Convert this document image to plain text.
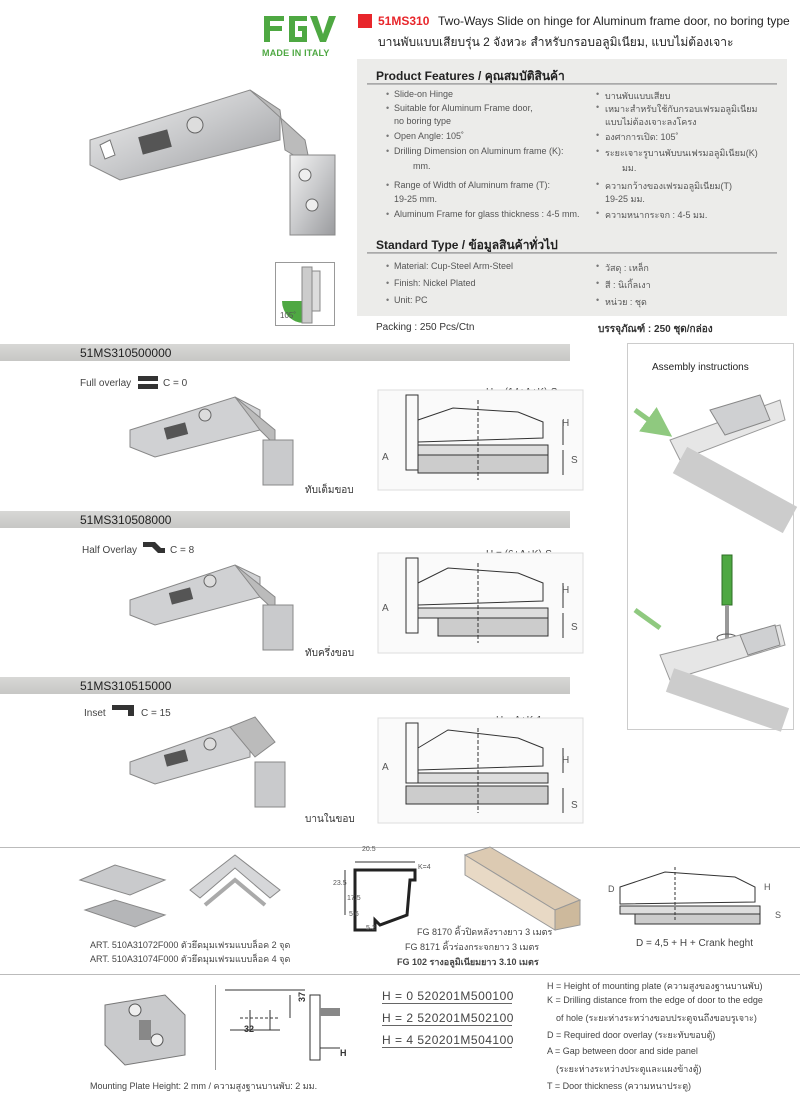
MADE IN ITALY
51MS310 Two-Ways Slide on hinge for Aluminum frame door, no boring type
บานพับแบบเสียบรุ่น 2 จังหวะ สำหรับกรอบอลูมิเนียม, แบบไม่ต้องเจาะ
105˚
Product Features / คุณสมบัติสินค้า
• Slide-on Hinge
• Suitable for Aluminum Frame door,
no boring type
• Open Angle: 105˚
• Drilling Dimension on Aluminum frame (K):
mm.
• Range of Width of Aluminum frame (T):
19-25 mm.
• Aluminum Frame for glass thickness : 4-5 mm.
• บานพับแบบเสียบ
• เหมาะสำหรับใช้กับกรอบเฟรมอลูมิเนียม
แบบไม่ต้องเจาะลงโครง
• องศาการเปิด: 105˚
• ระยะเจาะรูบานพับบนเฟรมอลูมิเนียม(K)
มม.
• ความกว้างของเฟรมอลูมิเนียม(T)
19-25 มม.
• ความหนากระจก : 4-5 มม.
Standard Type / ข้อมูลสินค้าทั่วไป
• Material: Cup-Steel Arm-Steel
• Finish: Nickel Plated
• Unit: PC
• วัสดุ : เหล็ก
• สี : นิเกิ้ลเงา
• หน่วย : ชุด
Packing : 250 Pcs/Ctn	บรรจุภัณฑ์ : 250 ชุด/กล่อง
51MS310500000
Full overlay	C = 0
ทับเต็มขอบ
H
A	S
51MS310508000
Half Overlay	C = 8
ทับครึ่งขอบ
H
A
S
51MS310515000
Inset	C = 15
บานในขอบ
H
A
S
Assembly instructions
ART. 510A31072F000 ตัวยึดมุมเฟรมแบบล็อค 2 จุด
ART. 510A31074F000 ตัวยึดมุมเฟรมแบบล็อค 4 จุด
20.5
K=4
23.5
17.5
5.6
5.2	FG 8170 คิ้วปิดหลังรางยาว 3 เมตร
FG 8171 คิ้วร่องกระจกยาว 3 เมตร
FG 102 รางอลูมิเนียมยาว 3.10 เมตร
D	H
S
D = 4,5 + H + Crank heght
37
32
H
H = 0 520201M500100
H = 2 520201M502100
H = 4 520201M504100
Mounting Plate Height: 2 mm / ความสูงฐานบานพับ: 2 มม.
H = Height of mounting plate (ความสูงของฐานบานพับ)
K = Drilling distance from the edge of door to the edge
of hole (ระยะห่างระหว่างขอบประตูจนถึงขอบรูเจาะ)
D = Required door overlay (ระยะทับขอบตู้)
A = Gap between door and side panel
(ระยะห่างระหว่างประตูและแผงข้างตู้)
T = Door thickness (ความหนาประตู)
